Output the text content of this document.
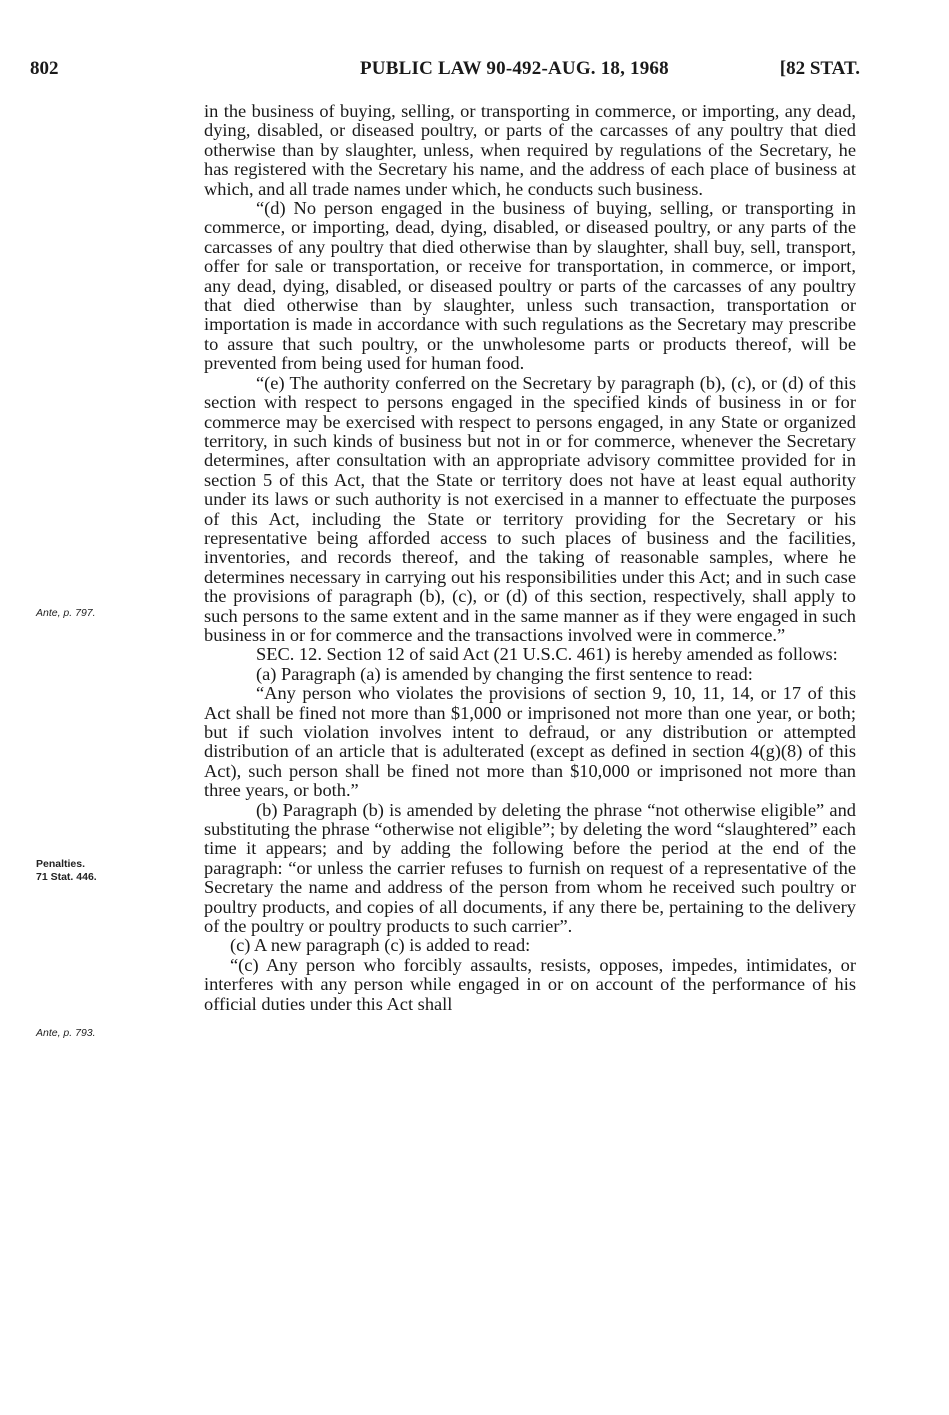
802	PUBLIC LAW 90-492-AUG. 18, 1968	[82 STAT.
Ante, p. 797.
Penalties.
71 Stat. 446.
Ante, p. 793.

in the business of buying, selling, or transporting in commerce, or importing, any dead, dying, disabled, or diseased poultry, or parts of the carcasses of any poultry that died otherwise than by slaughter, unless, when required by regulations of the Secretary, he has registered with the Secretary his name, and the address of each place of business at which, and all trade names under which, he conducts such business.

“(d) No person engaged in the business of buying, selling, or transporting in commerce, or importing, dead, dying, disabled, or diseased poultry, or any parts of the carcasses of any poultry that died otherwise than by slaughter, shall buy, sell, transport, offer for sale or transportation, or receive for transportation, in commerce, or import, any dead, dying, disabled, or diseased poultry or parts of the carcasses of any poultry that died otherwise than by slaughter, unless such transaction, transportation or importation is made in accordance with such regulations as the Secretary may prescribe to assure that such poultry, or the unwholesome parts or products thereof, will be prevented from being used for human food.

“(e) The authority conferred on the Secretary by paragraph (b), (c), or (d) of this section with respect to persons engaged in the specified kinds of business in or for commerce may be exercised with respect to persons engaged, in any State or organized territory, in such kinds of business but not in or for commerce, whenever the Secretary determines, after consultation with an appropriate advisory committee provided for in section 5 of this Act, that the State or territory does not have at least equal authority under its laws or such authority is not exercised in a manner to effectuate the purposes of this Act, including the State or territory providing for the Secretary or his representative being afforded access to such places of business and the facilities, inventories, and records thereof, and the taking of reasonable samples, where he determines necessary in carrying out his responsibilities under this Act; and in such case the provisions of paragraph (b), (c), or (d) of this section, respectively, shall apply to such persons to the same extent and in the same manner as if they were engaged in such business in or for commerce and the transactions involved were in commerce.”

SEC. 12. Section 12 of said Act (21 U.S.C. 461) is hereby amended as follows:

(a) Paragraph (a) is amended by changing the first sentence to read:

“Any person who violates the provisions of section 9, 10, 11, 14, or 17 of this Act shall be fined not more than $1,000 or imprisoned not more than one year, or both; but if such violation involves intent to defraud, or any distribution or attempted distribution of an article that is adulterated (except as defined in section 4(g)(8) of this Act), such person shall be fined not more than $10,000 or imprisoned not more than three years, or both.”

(b) Paragraph (b) is amended by deleting the phrase “not otherwise eligible” and substituting the phrase “otherwise not eligible”; by deleting the word “slaughtered” each time it appears; and by adding the following before the period at the end of the paragraph: “or unless the carrier refuses to furnish on request of a representative of the Secretary the name and address of the person from whom he received such poultry or poultry products, and copies of all documents, if any there be, pertaining to the delivery of the poultry or poultry products to such carrier”.

(c) A new paragraph (c) is added to read:

“(c) Any person who forcibly assaults, resists, opposes, impedes, intimidates, or interferes with any person while engaged in or on account of the performance of his official duties under this Act shall
